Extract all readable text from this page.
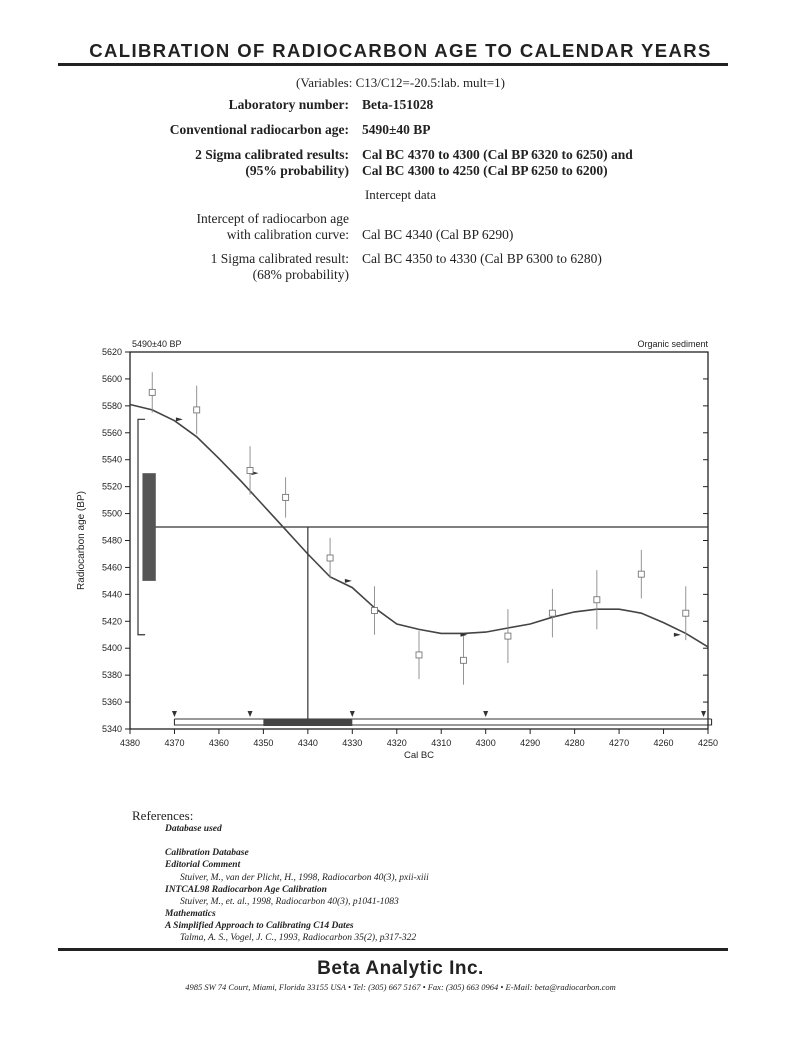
CALIBRATION OF RADIOCARBON AGE TO CALENDAR YEARS
(Variables: C13/C12=-20.5:lab. mult=1)
Laboratory number: Beta-151028
Conventional radiocarbon age: 5490±40 BP
2 Sigma calibrated results:
(95% probability)
Cal BC 4370 to 4300 (Cal BP 6320 to 6250) and
Cal BC 4300 to 4250 (Cal BP 6250 to 6200)
Intercept data
Intercept of radiocarbon age
with calibration curve: Cal BC 4340 (Cal BP 6290)
1 Sigma calibrated result:
(68% probability)
Cal BC 4350 to 4330 (Cal BP 6300 to 6280)
4380	4370	4360	4350	4340	4330	4320	4310	4300	4290	4280	4270	4260	4250
5340
5360
5380
5400
5420
5440
5460
5480
5500
5520
5540
5560
5580
5600
5620
5490±40 BP	Organic sediment
Cal BC
Radiocarbon age (BP)
References:
Database used
Calibration Database
Editorial Comment
Stuiver, M., van der Plicht, H., 1998, Radiocarbon 40(3), pxii-xiii
INTCAL98 Radiocarbon Age Calibration
Stuiver, M., et. al., 1998, Radiocarbon 40(3), p1041-1083
Mathematics
A Simplified Approach to Calibrating C14 Dates
Talma, A. S., Vogel, J. C., 1993, Radiocarbon 35(2), p317-322
Beta Analytic Inc.
4985 SW 74 Court, Miami, Florida 33155 USA • Tel: (305) 667 5167 • Fax: (305) 663 0964 • E-Mail: beta@radiocarbon.com
